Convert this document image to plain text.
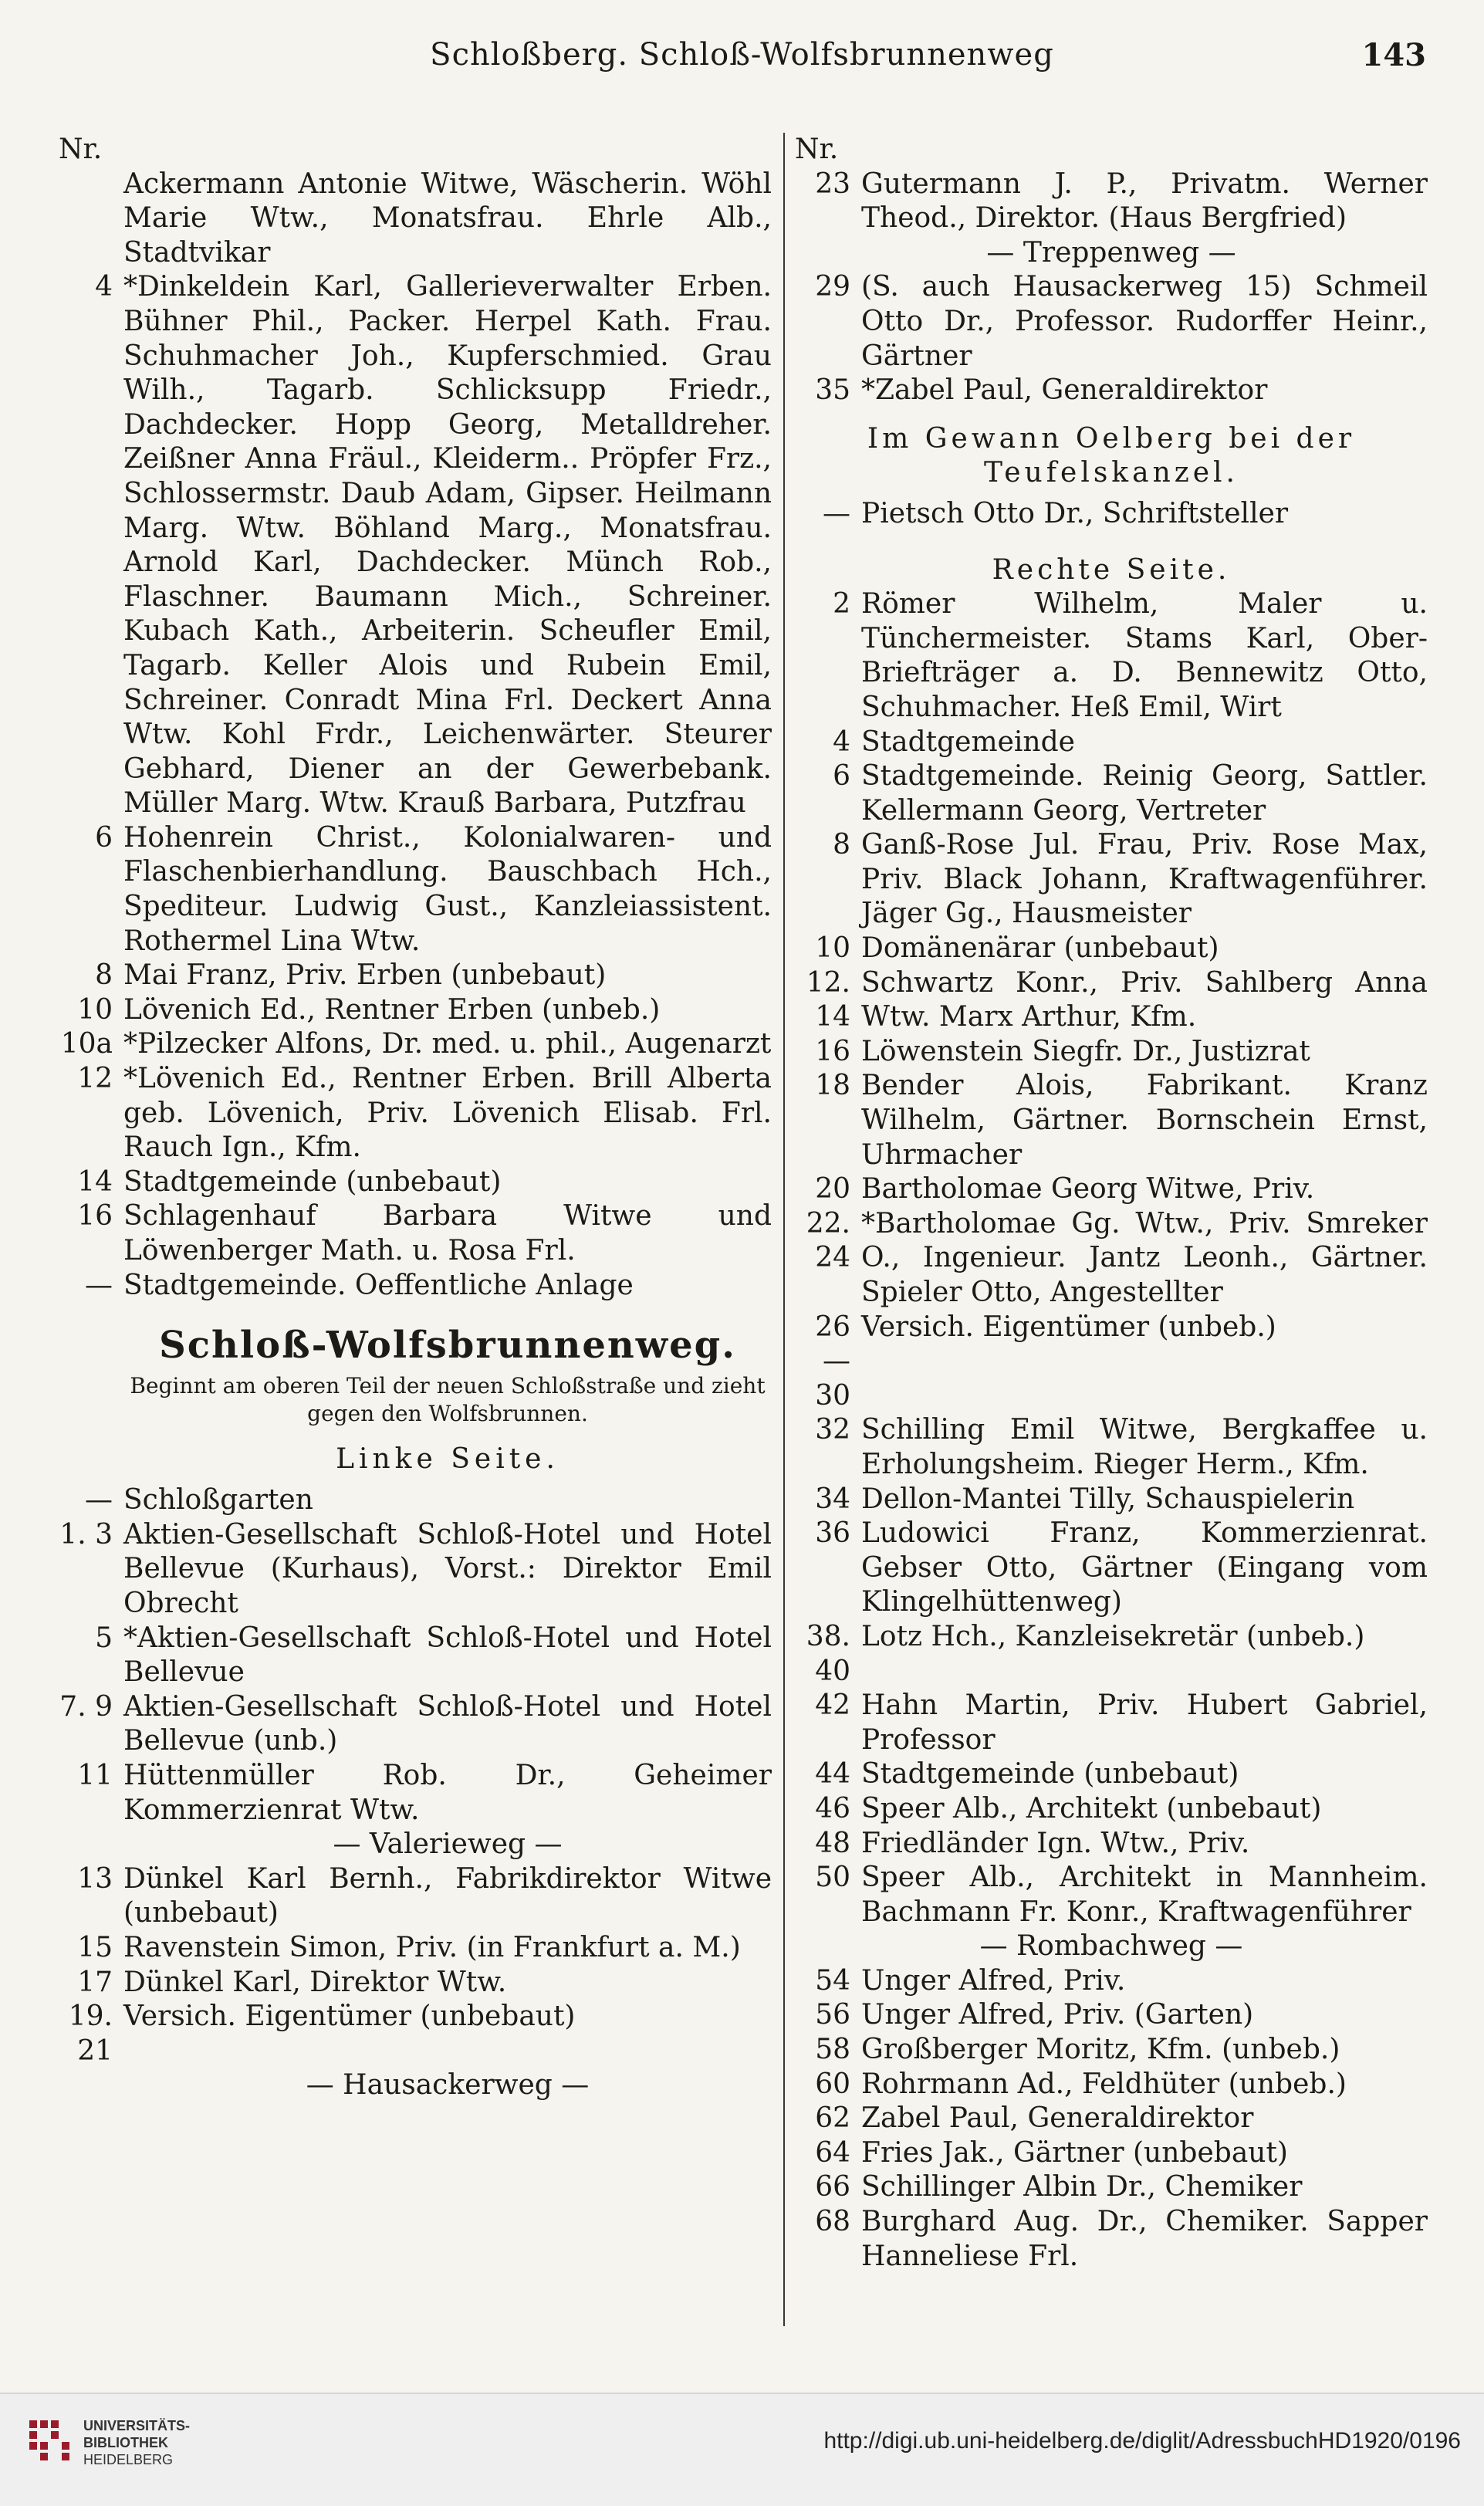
Schloßberg. Schloß-Wolfsbrunnenweg	143
Nr.
Ackermann Antonie Witwe, Wäscherin. Wöhl Marie Wtw., Monatsfrau. Ehrle Alb., Stadtvikar
4 *Dinkeldein Karl, Gallerieverwalter Erben. Bühner Phil., Packer. Herpel Kath. Frau. Schuhmacher Joh., Kupferschmied. Grau Wilh., Tagarb. Schlicksupp Friedr., Dachdecker. Hopp Georg, Metalldreher. Zeißner Anna Fräul., Kleiderm.. Pröpfer Frz., Schlossermstr. Daub Adam, Gipser. Heilmann Marg. Wtw. Böhland Marg., Monatsfrau. Arnold Karl, Dachdecker. Münch Rob., Flaschner. Baumann Mich., Schreiner. Kubach Kath., Arbeiterin. Scheufler Emil, Tagarb. Keller Alois und Rubein Emil, Schreiner. Conradt Mina Frl. Deckert Anna Wtw. Kohl Frdr., Leichenwärter. Steurer Gebhard, Diener an der Gewerbebank. Müller Marg. Wtw. Krauß Barbara, Putzfrau
6 Hohenrein Christ., Kolonialwaren- und Flaschenbierhandlung. Bauschbach Hch., Spediteur. Ludwig Gust., Kanzleiassistent. Rothermel Lina Wtw.
8 Mai Franz, Priv. Erben (unbebaut)
10 Lövenich Ed., Rentner Erben (unbeb.)
10a *Pilzecker Alfons, Dr. med. u. phil., Augenarzt
12 *Lövenich Ed., Rentner Erben. Brill Alberta geb. Lövenich, Priv. Lövenich Elisab. Frl. Rauch Ign., Kfm.
14 Stadtgemeinde (unbebaut)
16 Schlagenhauf Barbara Witwe und Löwenberger Math. u. Rosa Frl.
— Stadtgemeinde. Oeffentliche Anlage
Schloß-Wolfsbrunnenweg.
Beginnt am oberen Teil der neuen Schloßstraße und zieht gegen den Wolfsbrunnen.
Linke Seite.
— Schloßgarten
1. 3 Aktien-Gesellschaft Schloß-Hotel und Hotel Bellevue (Kurhaus), Vorst.: Direktor Emil Obrecht
5 *Aktien-Gesellschaft Schloß-Hotel und Hotel Bellevue
7. 9 Aktien-Gesellschaft Schloß-Hotel und Hotel Bellevue (unb.)
11 Hüttenmüller Rob. Dr., Geheimer Kommerzienrat Wtw.
— Valerieweg —
13 Dünkel Karl Bernh., Fabrikdirektor Witwe (unbebaut)
15 Ravenstein Simon, Priv. (in Frankfurt a. M.)
17 Dünkel Karl, Direktor Wtw.
19. 21
Versich. Eigentümer (unbebaut)
— Hausackerweg —
Nr.
23 Gutermann J. P., Privatm. Werner Theod., Direktor. (Haus Bergfried)
— Treppenweg —
29 (S. auch Hausackerweg 15) Schmeil Otto Dr., Professor. Rudorffer Heinr., Gärtner
35 *Zabel Paul, Generaldirektor
Im Gewann Oelberg bei der Teufelskanzel.
— Pietsch Otto Dr., Schriftsteller
Rechte Seite.
2 Römer Wilhelm, Maler u. Tünchermeister. Stams Karl, Ober-Briefträger a. D. Bennewitz Otto, Schuhmacher. Heß Emil, Wirt
4 Stadtgemeinde
6 Stadtgemeinde. Reinig Georg, Sattler. Kellermann Georg, Vertreter
8 Ganß-Rose Jul. Frau, Priv. Rose Max, Priv. Black Johann, Kraftwagenführer. Jäger Gg., Hausmeister
10 Domänenärar (unbebaut)
12. 14
Schwartz Konr., Priv. Sahlberg Anna Wtw. Marx Arthur, Kfm.
16 Löwenstein Siegfr. Dr., Justizrat
18 Bender Alois, Fabrikant. Kranz Wilhelm, Gärtner. Bornschein Ernst, Uhrmacher
20 Bartholomae Georg Witwe, Priv.
22. 24
*Bartholomae Gg. Wtw., Priv. Smreker O., Ingenieur. Jantz Leonh., Gärtner. Spieler Otto, Angestellter
26—30
Versich. Eigentümer (unbeb.)
32 Schilling Emil Witwe, Bergkaffee u. Erholungsheim. Rieger Herm., Kfm.
34 Dellon-Mantei Tilly, Schauspielerin
36 Ludowici Franz, Kommerzienrat. Gebser Otto, Gärtner (Eingang vom Klingelhüttenweg)
38. 40
Lotz Hch., Kanzleisekretär (unbeb.)
42 Hahn Martin, Priv. Hubert Gabriel, Professor
44 Stadtgemeinde (unbebaut)
46 Speer Alb., Architekt (unbebaut)
48 Friedländer Ign. Wtw., Priv.
50 Speer Alb., Architekt in Mannheim. Bachmann Fr. Konr., Kraftwagenführer
— Rombachweg —
54 Unger Alfred, Priv.
56 Unger Alfred, Priv. (Garten)
58 Großberger Moritz, Kfm. (unbeb.)
60 Rohrmann Ad., Feldhüter (unbeb.)
62 Zabel Paul, Generaldirektor
64 Fries Jak., Gärtner (unbebaut)
66 Schillinger Albin Dr., Chemiker
68 Burghard Aug. Dr., Chemiker. Sapper Hanneliese Frl.
UNIVERSITÄTS-
BIBLIOTHEK
HEIDELBERG
http://digi.ub.uni-heidelberg.de/diglit/AdressbuchHD1920/0196
